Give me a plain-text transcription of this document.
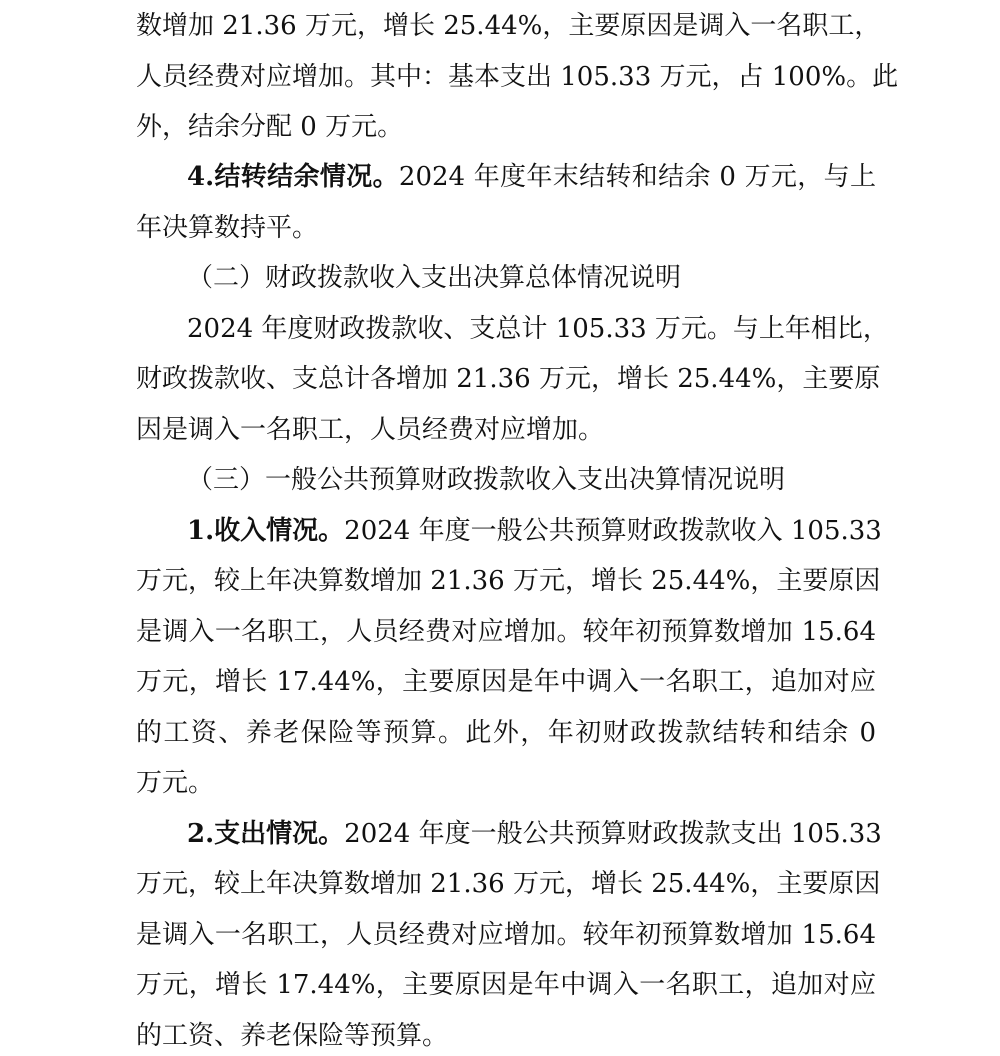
数增加 21.36 万元，增长 25.44%，主要原因是调入一名职工，
人员经费对应增加。其中：基本支出 105.33 万元，占 100%。此
外，结余分配 0 万元。
4.结转结余情况。2024 年度年末结转和结余 0 万元，与上
年决算数持平。
（二）财政拨款收入支出决算总体情况说明
2024 年度财政拨款收、支总计 105.33 万元。与上年相比，
财政拨款收、支总计各增加 21.36 万元，增长 25.44%，主要原
因是调入一名职工，人员经费对应增加。
（三）一般公共预算财政拨款收入支出决算情况说明
1.收入情况。2024 年度一般公共预算财政拨款收入 105.33
万元，较上年决算数增加 21.36 万元，增长 25.44%，主要原因
是调入一名职工，人员经费对应增加。较年初预算数增加 15.64
万元，增长 17.44%，主要原因是年中调入一名职工，追加对应
的工资、养老保险等预算。此外，年初财政拨款结转和结余 0
万元。
2.支出情况。2024 年度一般公共预算财政拨款支出 105.33
万元，较上年决算数增加 21.36 万元，增长 25.44%，主要原因
是调入一名职工，人员经费对应增加。较年初预算数增加 15.64
万元，增长 17.44%，主要原因是年中调入一名职工，追加对应
的工资、养老保险等预算。
